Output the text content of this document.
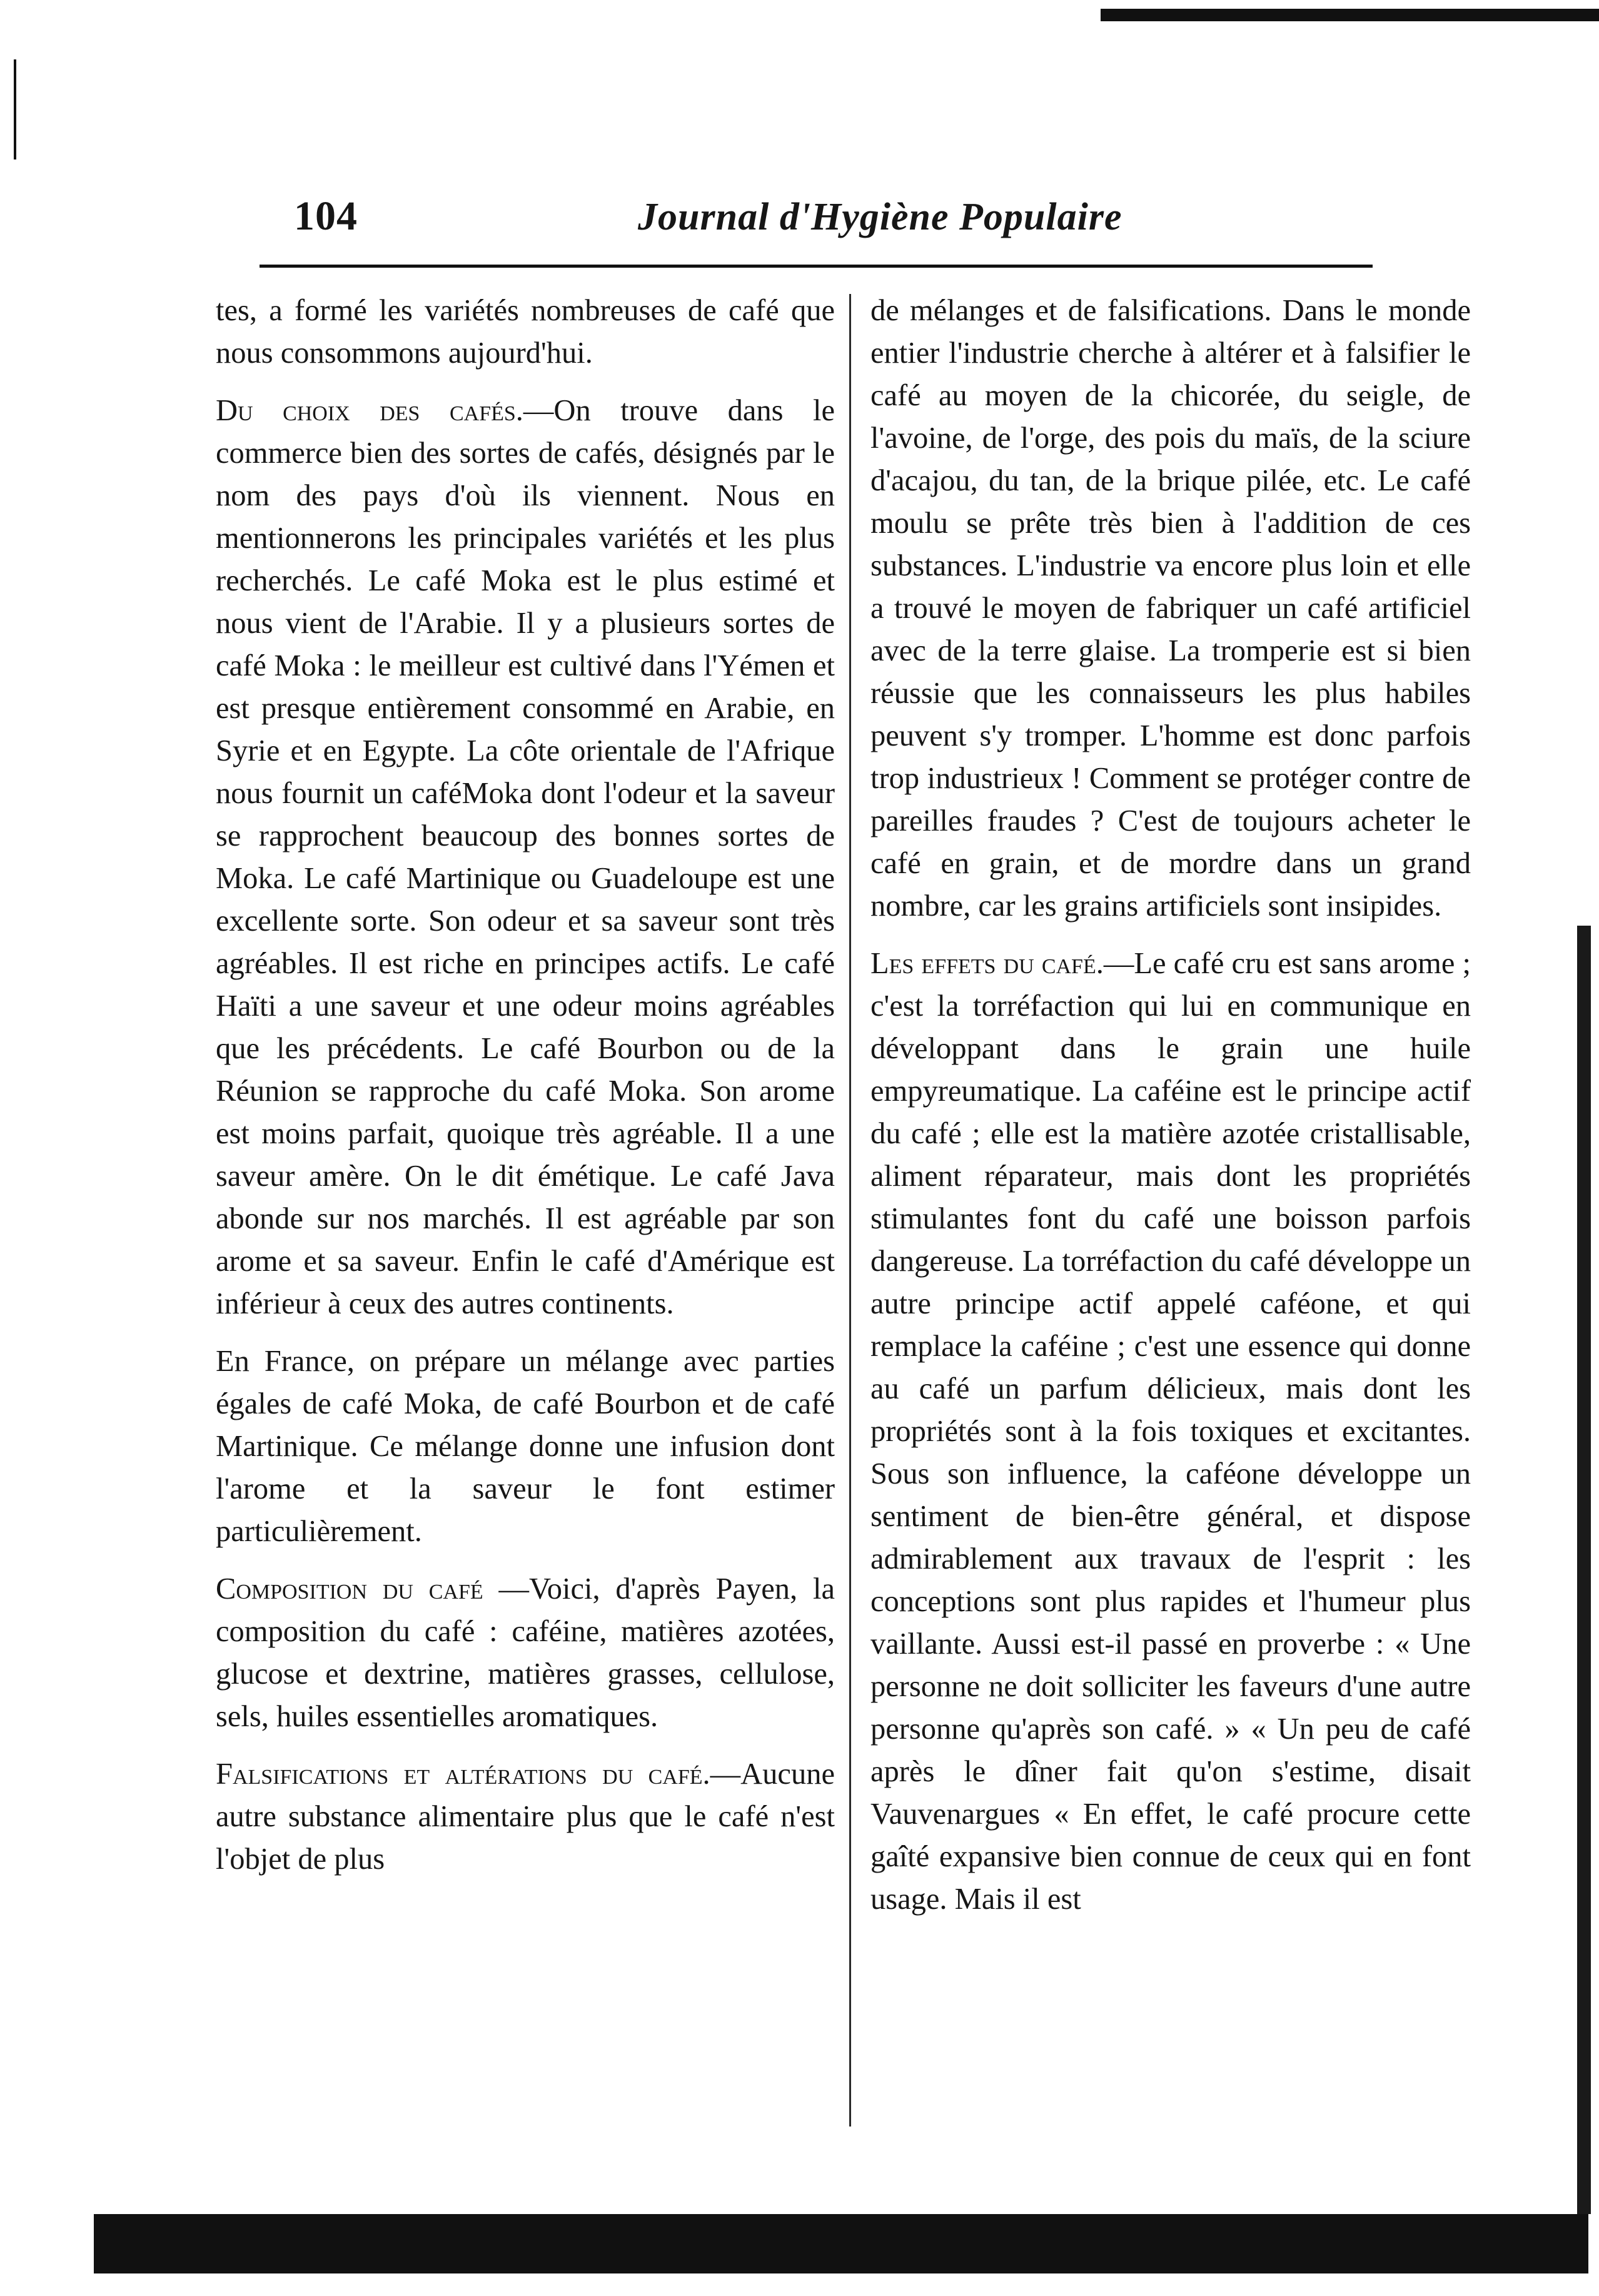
104	Journal d'Hygiène Populaire

tes, a formé les variétés nombreuses de café que nous consommons aujourd'hui.

Du choix des cafés.—On trouve dans le commerce bien des sortes de cafés, désignés par le nom des pays d'où ils viennent. Nous en mentionnerons les principales variétés et les plus recherchés. Le café Moka est le plus estimé et nous vient de l'Arabie. Il y a plusieurs sortes de café Moka : le meilleur est cultivé dans l'Yémen et est presque entièrement consommé en Arabie, en Syrie et en Egypte. La côte orientale de l'Afrique nous fournit un caféMoka dont l'odeur et la saveur se rapprochent beaucoup des bonnes sortes de Moka. Le café Martinique ou Guadeloupe est une excellente sorte. Son odeur et sa saveur sont très agréables. Il est riche en principes actifs. Le café Haïti a une saveur et une odeur moins agréables que les précédents. Le café Bourbon ou de la Réunion se rapproche du café Moka. Son arome est moins parfait, quoique très agréable. Il a une saveur amère. On le dit émétique. Le café Java abonde sur nos marchés. Il est agréable par son arome et sa saveur. Enfin le café d'Amérique est inférieur à ceux des autres continents.

En France, on prépare un mélange avec parties égales de café Moka, de café Bourbon et de café Martinique. Ce mélange donne une infusion dont l'arome et la saveur le font estimer particulièrement.

Composition du café —Voici, d'après Payen, la composition du café : caféine, matières azotées, glucose et dextrine, matières grasses, cellulose, sels, huiles essentielles aromatiques.

Falsifications et altérations du café.—Aucune autre substance alimentaire plus que le café n'est l'objet de plus

de mélanges et de falsifications. Dans le monde entier l'industrie cherche à altérer et à falsifier le café au moyen de la chicorée, du seigle, de l'avoine, de l'orge, des pois du maïs, de la sciure d'acajou, du tan, de la brique pilée, etc. Le café moulu se prête très bien à l'addition de ces substances. L'industrie va encore plus loin et elle a trouvé le moyen de fabriquer un café artificiel avec de la terre glaise. La tromperie est si bien réussie que les connaisseurs les plus habiles peuvent s'y tromper. L'homme est donc parfois trop industrieux ! Comment se protéger contre de pareilles fraudes ? C'est de toujours acheter le café en grain, et de mordre dans un grand nombre, car les grains artificiels sont insipides.

Les effets du café.—Le café cru est sans arome ; c'est la torréfaction qui lui en communique en développant dans le grain une huile empyreumatique. La caféine est le principe actif du café ; elle est la matière azotée cristallisable, aliment réparateur, mais dont les propriétés stimulantes font du café une boisson parfois dangereuse. La torréfaction du café développe un autre principe actif appelé caféone, et qui remplace la caféine ; c'est une essence qui donne au café un parfum délicieux, mais dont les propriétés sont à la fois toxiques et excitantes. Sous son influence, la caféone développe un sentiment de bien-être général, et dispose admirablement aux travaux de l'esprit : les conceptions sont plus rapides et l'humeur plus vaillante. Aussi est-il passé en proverbe : « Une personne ne doit solliciter les faveurs d'une autre personne qu'après son café. » « Un peu de café après le dîner fait qu'on s'estime, disait Vauvenargues « En effet, le café procure cette gaîté expansive bien connue de ceux qui en font usage. Mais il est
